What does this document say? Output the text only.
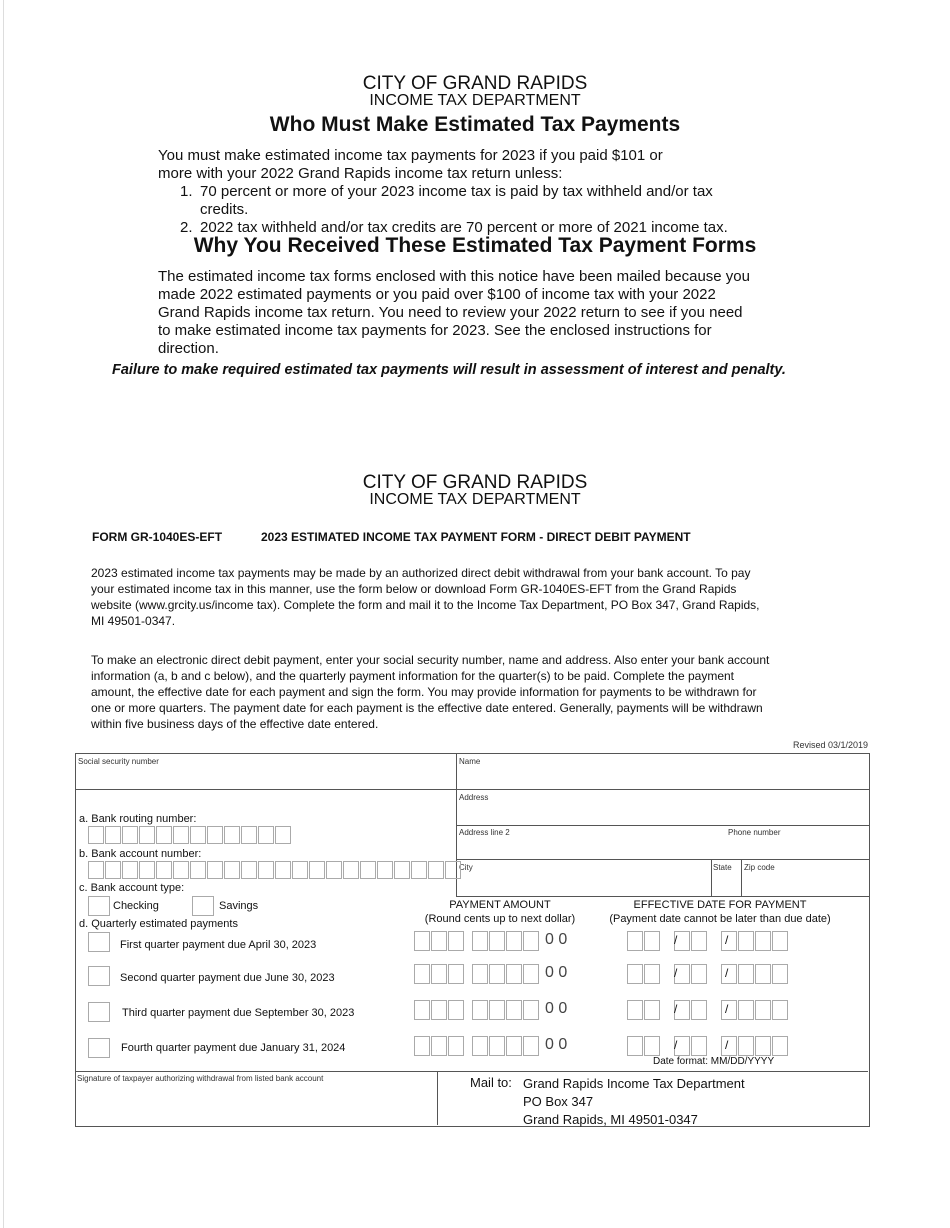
CITY OF GRAND RAPIDS
INCOME TAX DEPARTMENT
Who Must Make Estimated Tax Payments
You must make estimated income tax payments for 2023 if you paid $101 or
more with your 2022 Grand Rapids income tax return unless:
1. 70 percent or more of your 2023 income tax is paid by tax withheld and/or tax
credits.
2. 2022 tax withheld and/or tax credits are 70 percent or more of 2021 income tax.
Why You Received These Estimated Tax Payment Forms
The estimated income tax forms enclosed with this notice have been mailed because you
made 2022 estimated payments or you paid over $100 of income tax with your 2022
Grand Rapids income tax return. You need to review your 2022 return to see if you need
to make estimated income tax payments for 2023. See the enclosed instructions for
direction.
Failure to make required estimated tax payments will result in assessment of interest and penalty.
CITY OF GRAND RAPIDS
INCOME TAX DEPARTMENT
FORM GR-1040ES-EFT	2023 ESTIMATED INCOME TAX PAYMENT FORM - DIRECT DEBIT PAYMENT
2023 estimated income tax payments may be made by an authorized direct debit withdrawal from your bank account. To pay
your estimated income tax in this manner, use the form below or download Form GR-1040ES-EFT from the Grand Rapids
website (www.grcity.us/income tax). Complete the form and mail it to the Income Tax Department, PO Box 347, Grand Rapids,
MI 49501-0347.
To make an electronic direct debit payment, enter your social security number, name and address. Also enter your bank account
information (a, b and c below), and the quarterly payment information for the quarter(s) to be paid. Complete the payment
amount, the effective date for each payment and sign the form. You may provide information for payments to be withdrawn for
one or more quarters. The payment date for each payment is the effective date entered. Generally, payments will be withdrawn
within five business days of the effective date entered.
Revised 03/1/2019
Social security number	Name
Address
Address line 2	Phone number
City	State Zip code
a. Bank routing number:
b. Bank account number:
c. Bank account type:
Checking	Savings
d. Quarterly estimated payments
PAYMENT AMOUNT
(Round cents up to next dollar)
EFFECTIVE DATE FOR PAYMENT
(Payment date cannot be later than due date)
First quarter payment due April 30, 2023	0 0	/	/
Second quarter payment due June 30, 2023	0 0	/	/
Third quarter payment due September 30, 2023	0 0	/	/
Fourth quarter payment due January 31, 2024	0 0	/	/
Date format: MM/DD/YYYY
Signature of taxpayer authorizing withdrawal from listed bank account	Mail to: Grand Rapids Income Tax Department
PO Box 347
Grand Rapids, MI 49501-0347
